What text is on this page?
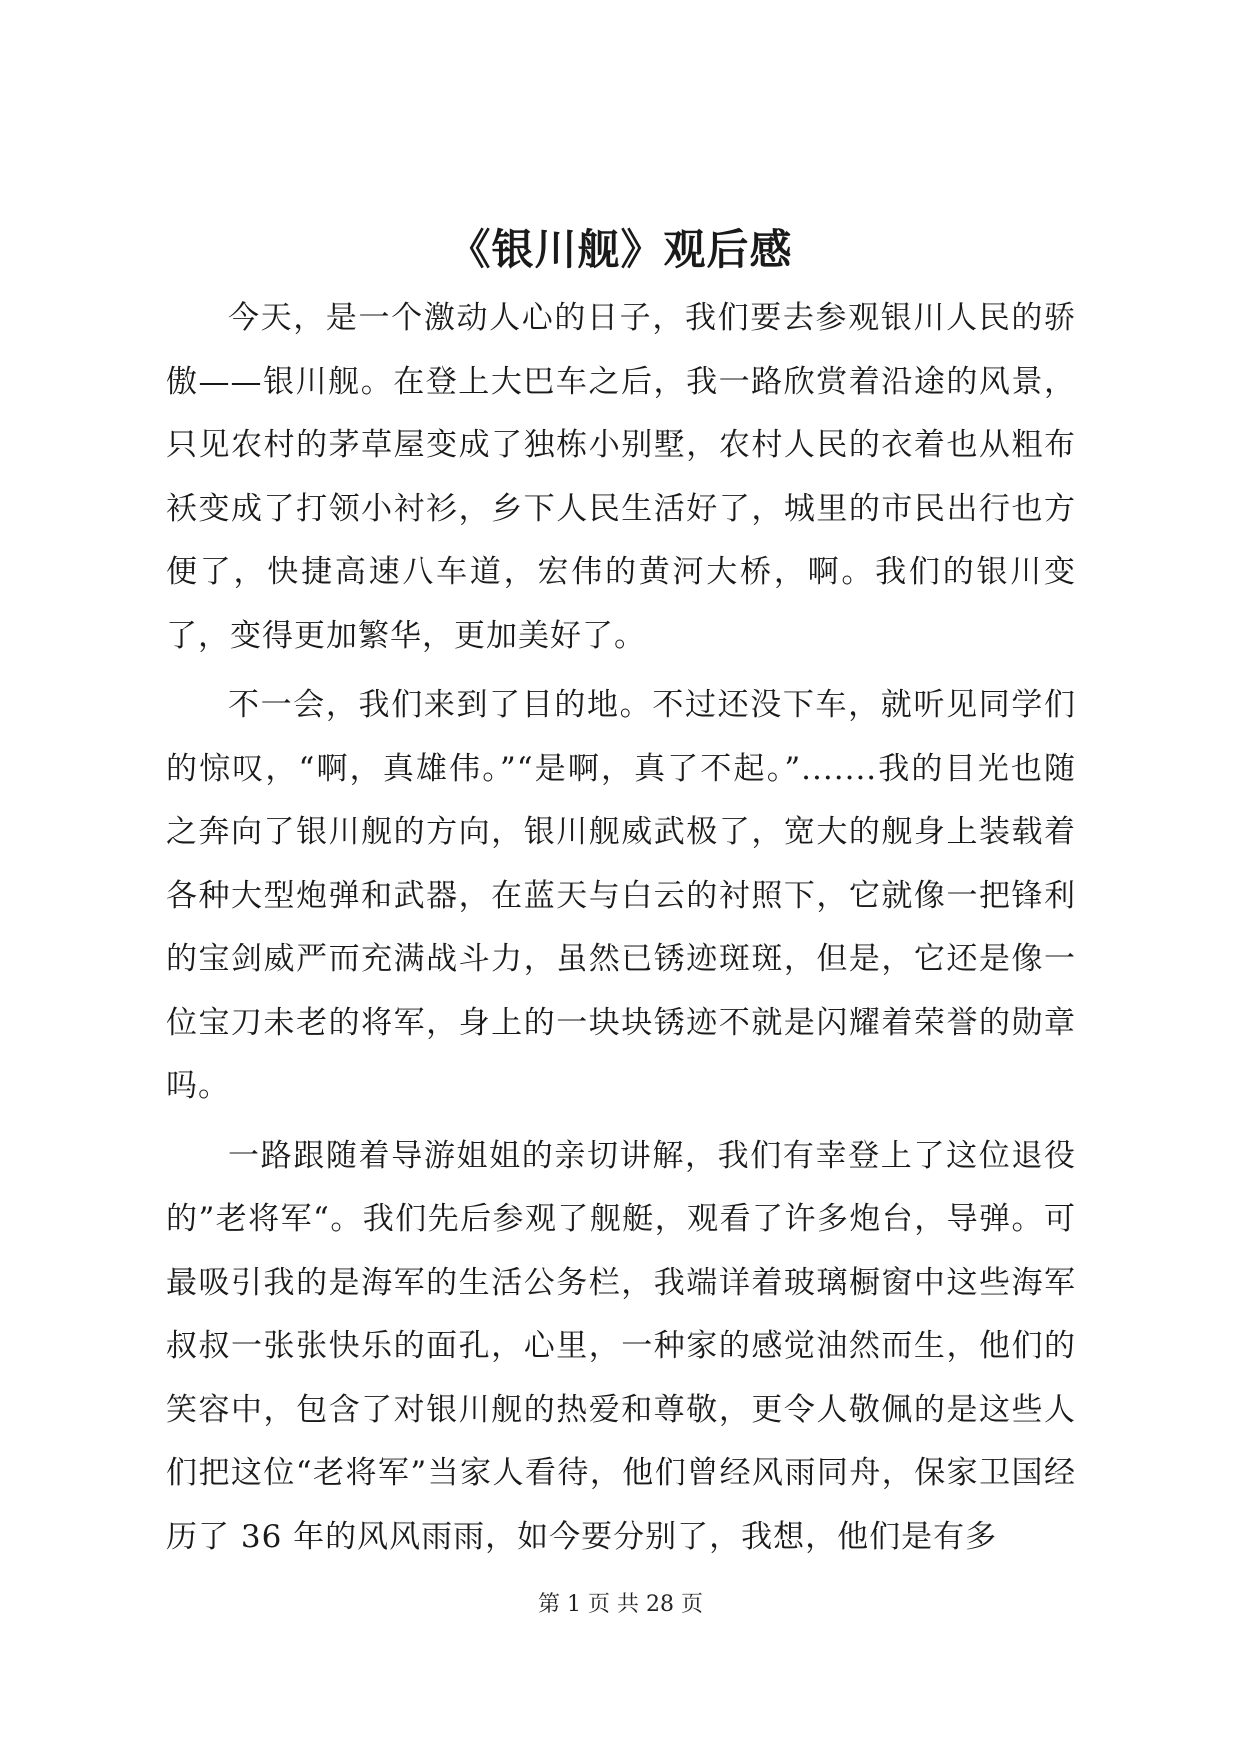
《银川舰》观后感

今天，是一个激动人心的日子，我们要去参观银川人民的骄傲——银川舰。在登上大巴车之后，我一路欣赏着沿途的风景，只见农村的茅草屋变成了独栋小别墅，农村人民的衣着也从粗布袄变成了打领小衬衫，乡下人民生活好了，城里的市民出行也方便了，快捷高速八车道，宏伟的黄河大桥，啊。我们的银川变了，变得更加繁华，更加美好了。

不一会，我们来到了目的地。不过还没下车，就听见同学们的惊叹，“啊，真雄伟。”“是啊，真了不起。”.......我的目光也随之奔向了银川舰的方向，银川舰威武极了，宽大的舰身上装载着各种大型炮弹和武器，在蓝天与白云的衬照下，它就像一把锋利的宝剑威严而充满战斗力，虽然已锈迹斑斑，但是，它还是像一位宝刀未老的将军，身上的一块块锈迹不就是闪耀着荣誉的勋章吗。

一路跟随着导游姐姐的亲切讲解，我们有幸登上了这位退役的”老将军“。我们先后参观了舰艇，观看了许多炮台，导弹。可最吸引我的是海军的生活公务栏，我端详着玻璃橱窗中这些海军叔叔一张张快乐的面孔，心里，一种家的感觉油然而生，他们的笑容中，包含了对银川舰的热爱和尊敬，更令人敬佩的是这些人们把这位“老将军”当家人看待，他们曾经风雨同舟，保家卫国经历了 36 年的风风雨雨，如今要分别了，我想，他们是有多

第 1 页 共 28 页
